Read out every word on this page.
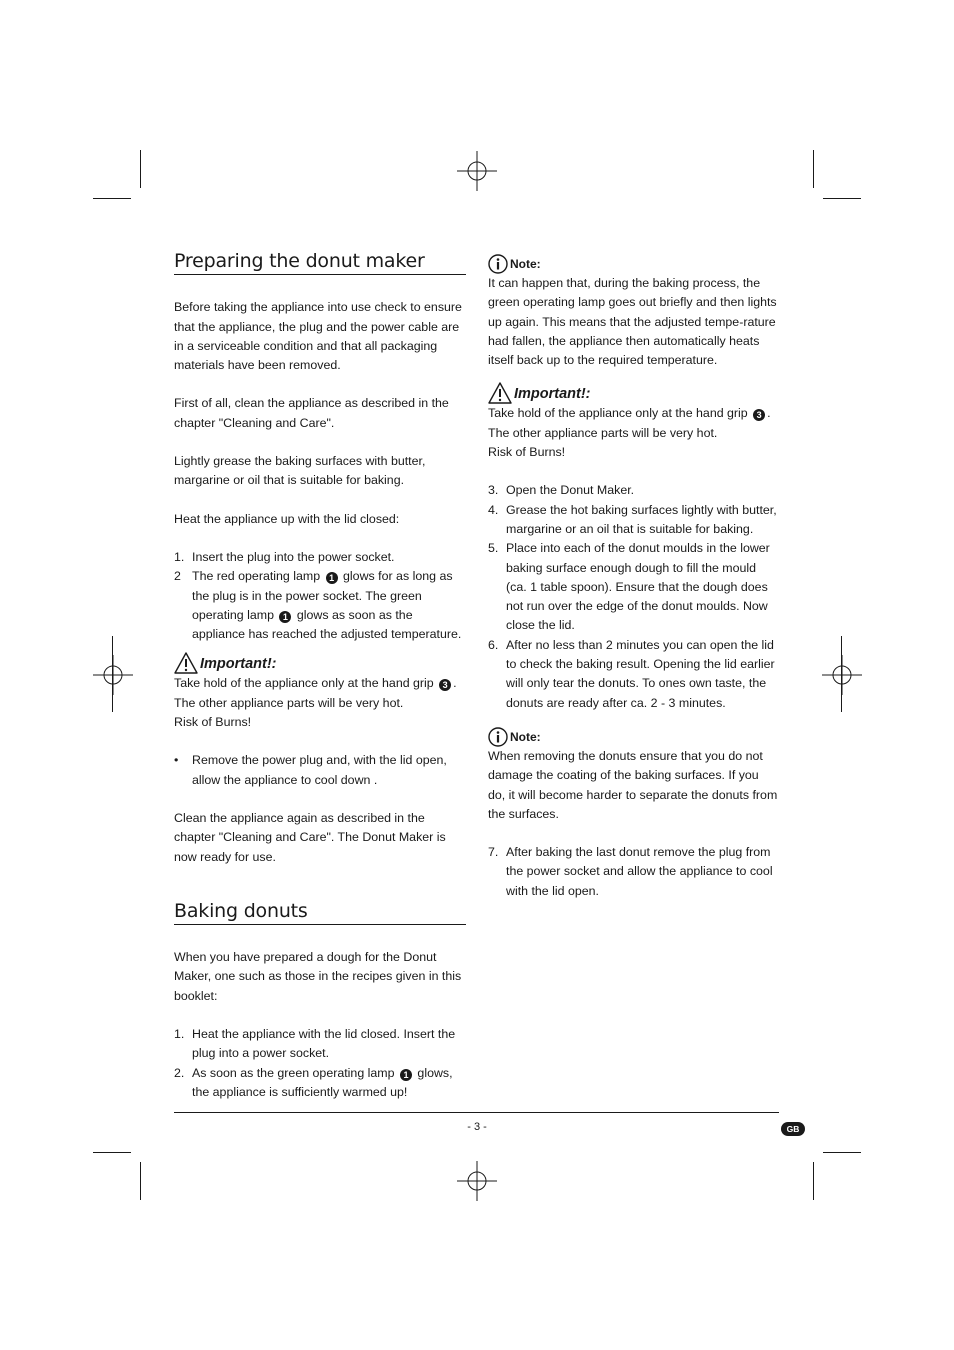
Preparing the donut maker

Before taking the appliance into use check to ensure that the appliance, the plug and the power cable are in a serviceable condition and that all packaging materials have been removed.

First of all, clean the appliance as described in the chapter "Cleaning and Care".

Lightly grease the baking surfaces with butter, margarine or oil that is suitable for baking.

Heat the appliance up with the lid closed:

1. Insert the plug into the power socket.
2 The red operating lamp 1 glows for as long as the plug is in the power socket. The green operating lamp 1 glows as soon as the appliance has reached the adjusted temperature.
Important!:

Take hold of the appliance only at the hand grip 3 .

The other appliance parts will be very hot.

Risk of Burns!

• Remove the power plug and, with the lid open, allow the appliance to cool down .

Clean the appliance again as described in the chapter "Cleaning and Care". The Donut Maker is now ready for use.

Baking donuts

When you have prepared a dough for the Donut Maker, one such as those in the recipes given in this booklet:

1. Heat the appliance with the lid closed. Insert the plug into a power socket.
2. As soon as the green operating lamp 1 glows, the appliance is sufficiently warmed up!
Note:

It can happen that, during the baking process, the green operating lamp goes out briefly and then lights up again. This means that the adjusted tempe-rature had fallen, the appliance then automatically heats itself back up to the required temperature.

Important!:

Take hold of the appliance only at the hand grip 3 .

The other appliance parts will be very hot.

Risk of Burns!

3. Open the Donut Maker.
4. Grease the hot baking surfaces lightly with butter, margarine or an oil that is suitable for baking.
5. Place into each of the donut moulds in the lower baking surface enough dough to fill the mould (ca. 1 table spoon). Ensure that the dough does not run over the edge of the donut moulds. Now close the lid.
6. After no less than 2 minutes you can open the lid to check the baking result. Opening the lid earlier will only tear the donuts. To ones own taste, the donuts are ready after ca. 2 - 3 minutes.
Note:

When removing the donuts ensure that you do not damage the coating of the baking surfaces. If you do, it will become harder to separate the donuts from the surfaces.

7. After baking the last donut remove the plug from the power socket and allow the appliance to cool with the lid open.
- 3 -	GB
